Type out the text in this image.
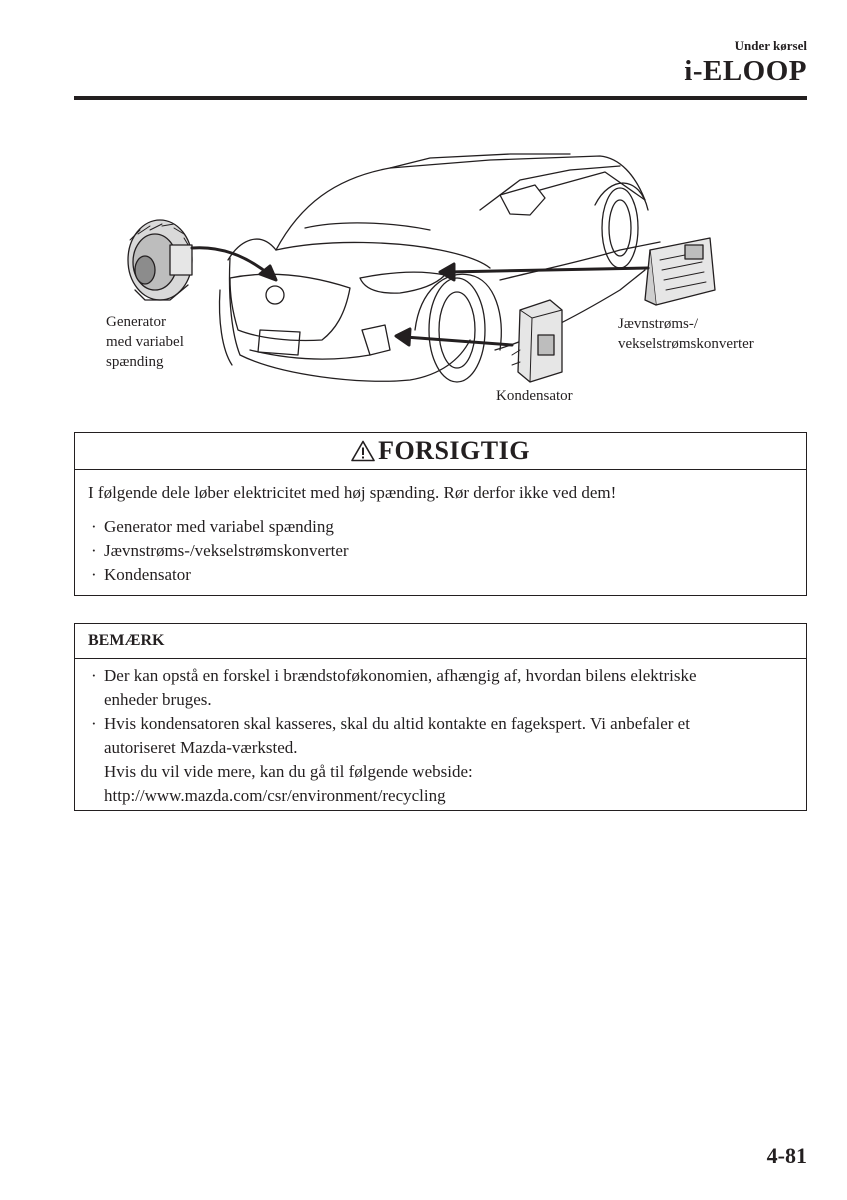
Under kørsel
i-ELOOP
Generator
med variabel
spænding
Jævnstrøms-/
vekselstrømskonverter
Kondensator
FORSIGTIG
I følgende dele løber elektricitet med høj spænding. Rør derfor ikke ved dem!
· Generator med variabel spænding
· Jævnstrøms-/vekselstrømskonverter
· Kondensator
BEMÆRK
· Der kan opstå en forskel i brændstoføkonomien, afhængig af, hvordan bilens elektriske
enheder bruges.
· Hvis kondensatoren skal kasseres, skal du altid kontakte en fagekspert. Vi anbefaler et
autoriseret Mazda-værksted.
Hvis du vil vide mere, kan du gå til følgende webside:
http://www.mazda.com/csr/environment/recycling
4-81
